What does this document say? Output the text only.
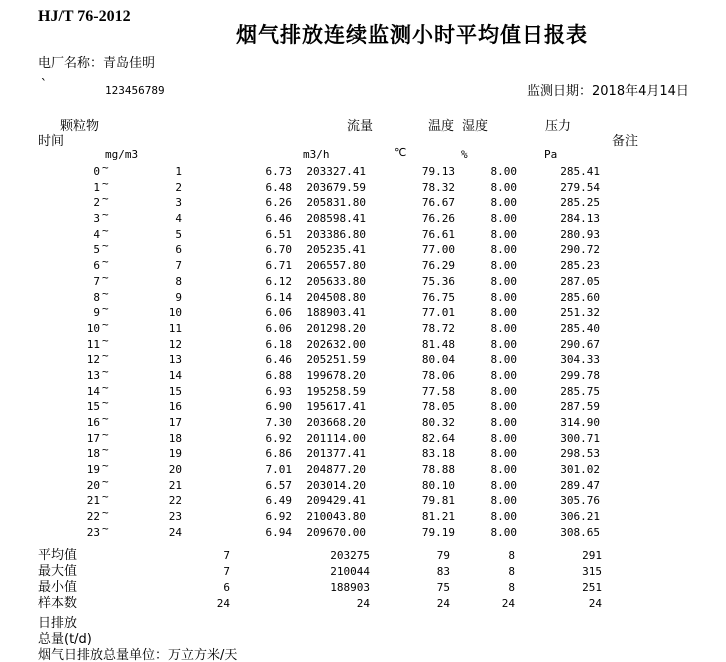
HJ/T 76-2012
烟气排放连续监测小时平均值日报表
电厂名称：青岛佳明
`	123456789	监测日期：2018年4月14日
颗粒物
时间
流量	温度 湿度	压力
备注
mg/m3	m3/h	℃	%	Pa
0 ~	1	6.73	203327.41	79.13	8.00	285.41
1 ~	2	6.48	203679.59	78.32	8.00	279.54
2 ~	3	6.26	205831.80	76.67	8.00	285.25
3 ~	4	6.46	208598.41	76.26	8.00	284.13
4 ~	5	6.51	203386.80	76.61	8.00	280.93
5 ~	6	6.70	205235.41	77.00	8.00	290.72
6 ~	7	6.71	206557.80	76.29	8.00	285.23
7 ~	8	6.12	205633.80	75.36	8.00	287.05
8 ~	9	6.14	204508.80	76.75	8.00	285.60
9 ~	10	6.06	188903.41	77.01	8.00	251.32
10 ~	11	6.06	201298.20	78.72	8.00	285.40
11 ~	12	6.18	202632.00	81.48	8.00	290.67
12 ~	13	6.46	205251.59	80.04	8.00	304.33
13 ~	14	6.88	199678.20	78.06	8.00	299.78
14 ~	15	6.93	195258.59	77.58	8.00	285.75
15 ~	16	6.90	195617.41	78.05	8.00	287.59
16 ~	17	7.30	203668.20	80.32	8.00	314.90
17 ~	18	6.92	201114.00	82.64	8.00	300.71
18 ~	19	6.86	201377.41	83.18	8.00	298.53
19 ~	20	7.01	204877.20	78.88	8.00	301.02
20 ~	21	6.57	203014.20	80.10	8.00	289.47
21 ~	22	6.49	209429.41	79.81	8.00	305.76
22 ~	23	6.92	210043.80	81.21	8.00	306.21
23 ~	24	6.94	209670.00	79.19	8.00	308.65
平均值	7	203275	79	8	291
最大值	7	210044	83	8	315
最小值	6	188903	75	8	251
样本数	24	24	24	24	24
日排放
总量(t/d)
烟气日排放总量单位：万立方米/天
